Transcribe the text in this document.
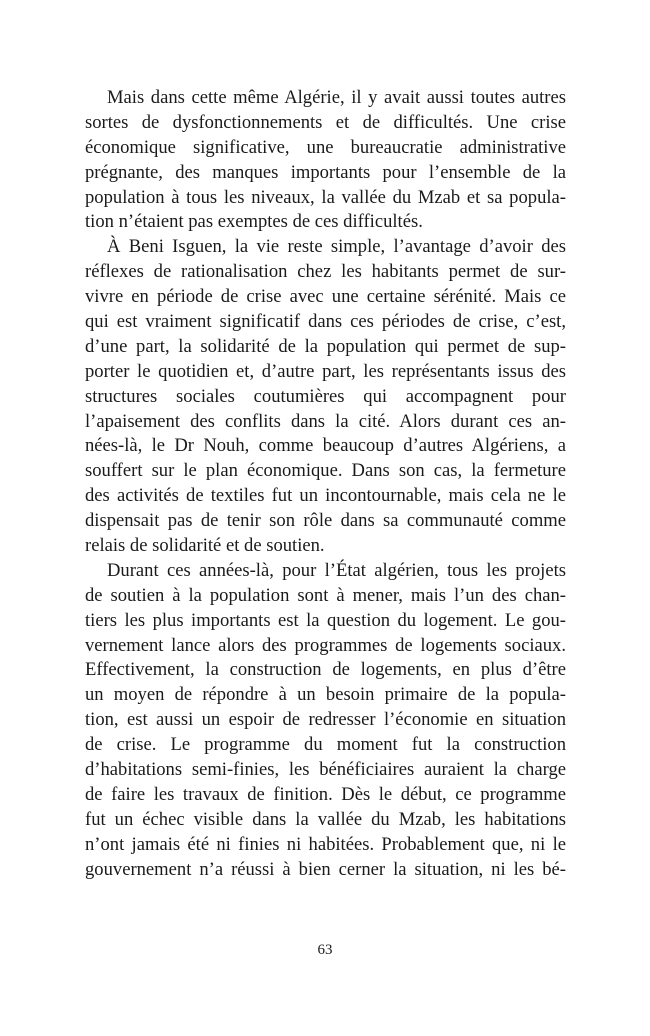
Mais dans cette même Algérie, il y avait aussi toutes autres
sortes de dysfonctionnements et de difficultés. Une crise
économique significative, une bureaucratie administrative
prégnante, des manques importants pour l’ensemble de la
population à tous les niveaux, la vallée du Mzab et sa popula-
tion n’étaient pas exemptes de ces difficultés.
À Beni Isguen, la vie reste simple, l’avantage d’avoir des
réflexes de rationalisation chez les habitants permet de sur-
vivre en période de crise avec une certaine sérénité. Mais ce
qui est vraiment significatif dans ces périodes de crise, c’est,
d’une part, la solidarité de la population qui permet de sup-
porter le quotidien et, d’autre part, les représentants issus des
structures sociales coutumières qui accompagnent pour
l’apaisement des conflits dans la cité. Alors durant ces an-
nées-là, le Dr Nouh, comme beaucoup d’autres Algériens, a
souffert sur le plan économique. Dans son cas, la fermeture
des activités de textiles fut un incontournable, mais cela ne le
dispensait pas de tenir son rôle dans sa communauté comme
relais de solidarité et de soutien.
Durant ces années-là, pour l’État algérien, tous les projets
de soutien à la population sont à mener, mais l’un des chan-
tiers les plus importants est la question du logement. Le gou-
vernement lance alors des programmes de logements sociaux.
Effectivement, la construction de logements, en plus d’être
un moyen de répondre à un besoin primaire de la popula-
tion, est aussi un espoir de redresser l’économie en situation
de crise. Le programme du moment fut la construction
d’habitations semi-finies, les bénéficiaires auraient la charge
de faire les travaux de finition. Dès le début, ce programme
fut un échec visible dans la vallée du Mzab, les habitations
n’ont jamais été ni finies ni habitées. Probablement que, ni le
gouvernement n’a réussi à bien cerner la situation, ni les bé-
63
